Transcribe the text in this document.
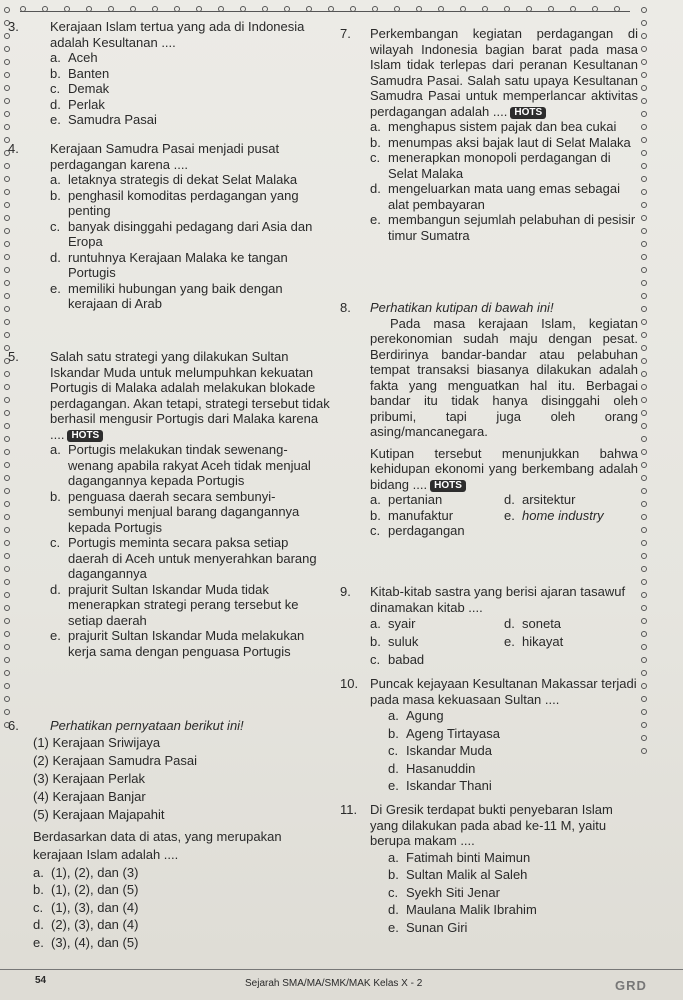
3. Kerajaan Islam tertua yang ada di Indonesia adalah Kesultanan ....
a. Aceh
b. Banten
c. Demak
d. Perlak
e. Samudra Pasai
4. Kerajaan Samudra Pasai menjadi pusat perdagangan karena ....
a. letaknya strategis di dekat Selat Malaka
b. penghasil komoditas perdagangan yang penting
c. banyak disinggahi pedagang dari Asia dan Eropa
d. runtuhnya Kerajaan Malaka ke tangan Portugis
e. memiliki hubungan yang baik dengan kerajaan di Arab
5. Salah satu strategi yang dilakukan Sultan Iskandar Muda untuk melumpuhkan kekuatan Portugis di Malaka adalah melakukan blokade perdagangan. Akan tetapi, strategi tersebut tidak berhasil mengusir Portugis dari Malaka karena .... HOTS
a. Portugis melakukan tindak sewenang-wenang apabila rakyat Aceh tidak menjual dagangannya kepada Portugis
b. penguasa daerah secara sembunyi-sembunyi menjual barang dagangannya kepada Portugis
c. Portugis meminta secara paksa setiap daerah di Aceh untuk menyerahkan barang dagangannya
d. prajurit Sultan Iskandar Muda tidak menerapkan strategi perang tersebut ke setiap daerah
e. prajurit Sultan Iskandar Muda melakukan kerja sama dengan penguasa Portugis
6. Perhatikan pernyataan berikut ini!
(1) Kerajaan Sriwijaya
(2) Kerajaan Samudra Pasai
(3) Kerajaan Perlak
(4) Kerajaan Banjar
(5) Kerajaan Majapahit
Berdasarkan data di atas, yang merupakan kerajaan Islam adalah ....
a. (1), (2), dan (3)
b. (1), (2), dan (5)
c. (1), (3), dan (4)
d. (2), (3), dan (4)
e. (3), (4), dan (5)
7. Perkembangan kegiatan perdagangan di wilayah Indonesia bagian barat pada masa Islam tidak terlepas dari peranan Kesultanan Samudra Pasai. Salah satu upaya Kesultanan Samudra Pasai untuk memperlancar aktivitas perdagangan adalah .... HOTS
a. menghapus sistem pajak dan bea cukai
b. menumpas aksi bajak laut di Selat Malaka
c. menerapkan monopoli perdagangan di Selat Malaka
d. mengeluarkan mata uang emas sebagai alat pembayaran
e. membangun sejumlah pelabuhan di pesisir timur Sumatra
8. Perhatikan kutipan di bawah ini!
Pada masa kerajaan Islam, kegiatan perekonomian sudah maju dengan pesat. Berdirinya bandar-bandar atau pelabuhan tempat transaksi biasanya dilakukan adalah fakta yang menguatkan hal itu. Berbagai bandar itu tidak hanya disinggahi oleh pribumi, tapi juga oleh orang asing/mancanegara.
Kutipan tersebut menunjukkan bahwa kehidupan ekonomi yang berkembang adalah bidang .... HOTS
a. pertanian	d. arsitektur
b. manufaktur	e. home industry
c. perdagangan
9. Kitab-kitab sastra yang berisi ajaran tasawuf dinamakan kitab ....
a. syair	d. soneta
b. suluk	e. hikayat
c. babad
10. Puncak kejayaan Kesultanan Makassar terjadi pada masa kekuasaan Sultan ....
a. Agung
b. Ageng Tirtayasa
c. Iskandar Muda
d. Hasanuddin
e. Iskandar Thani
11. Di Gresik terdapat bukti penyebaran Islam yang dilakukan pada abad ke-11 M, yaitu berupa makam ....
a. Fatimah binti Maimun
b. Sultan Malik al Saleh
c. Syekh Siti Jenar
d. Maulana Malik Ibrahim
e. Sunan Giri
54	Sejarah SMA/MA/SMK/MAK Kelas X - 2	GRD
